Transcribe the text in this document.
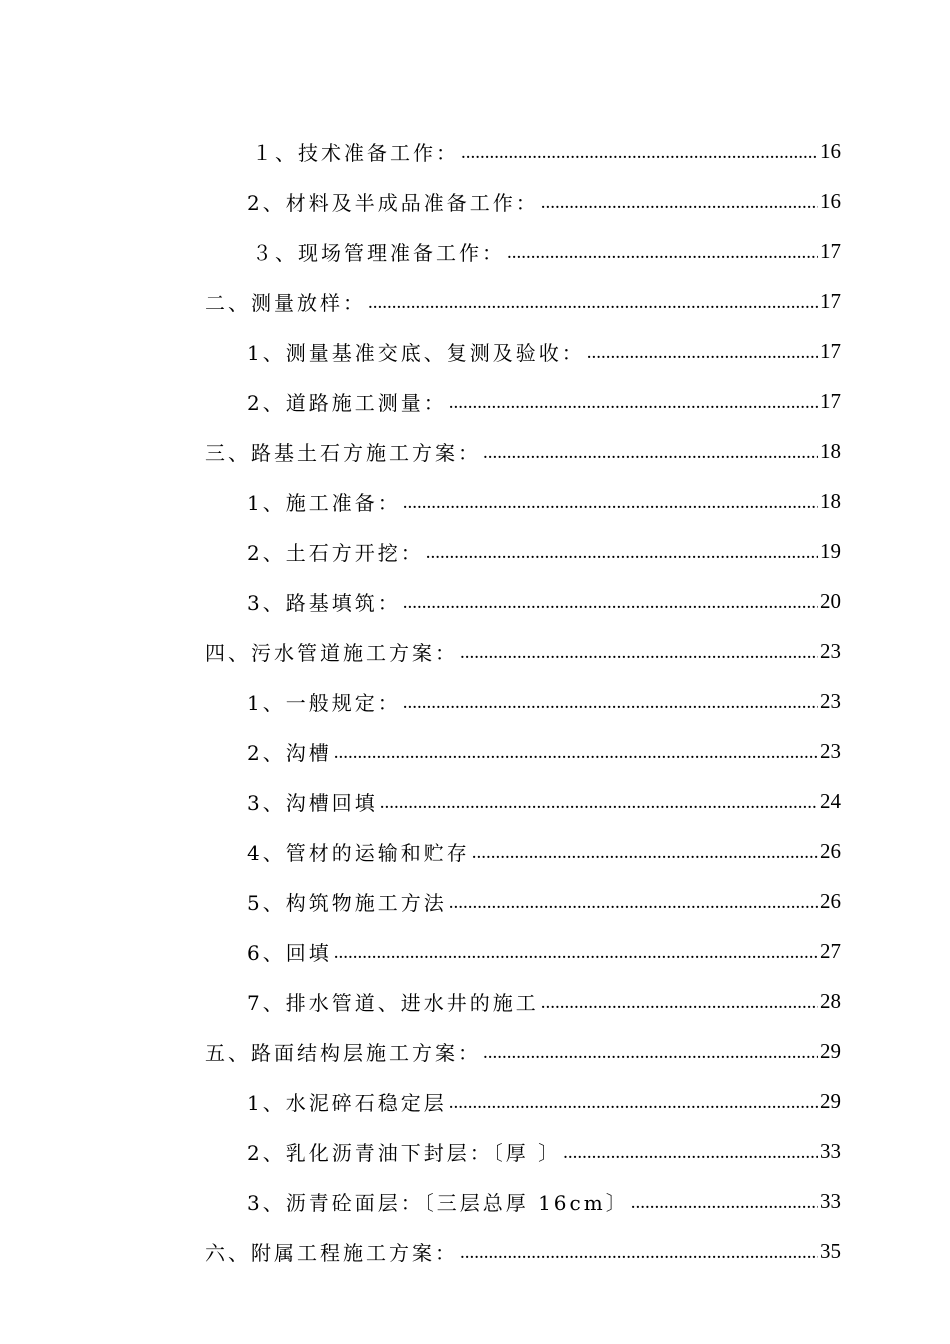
１、技术准备工作： .....	16
2、材料及半成品准备工作： .....	16
３、现场管理准备工作： .....	17
二、测量放样： .....	17
1、测量基准交底、复测及验收： .....	17
2、道路施工测量： .....	17
三、路基土石方施工方案： .....	18
1、施工准备： .....	18
2、土石方开挖： .....	19
3、路基填筑： .....	20
四、污水管道施工方案： .....	23
1、一般规定： .....	23
2、沟槽 .....	23
3、沟槽回填 .....	24
4、管材的运输和贮存 .....	26
5、构筑物施工方法 .....	26
6、回填 .....	27
7、排水管道、进水井的施工 .....	28
五、路面结构层施工方案： .....	29
1、水泥碎石稳定层 .....	29
2、乳化沥青油下封层：〔厚 〕 .....	33
3、沥青砼面层：〔三层总厚 16cm〕 .....	33
六、附属工程施工方案： .....	35
